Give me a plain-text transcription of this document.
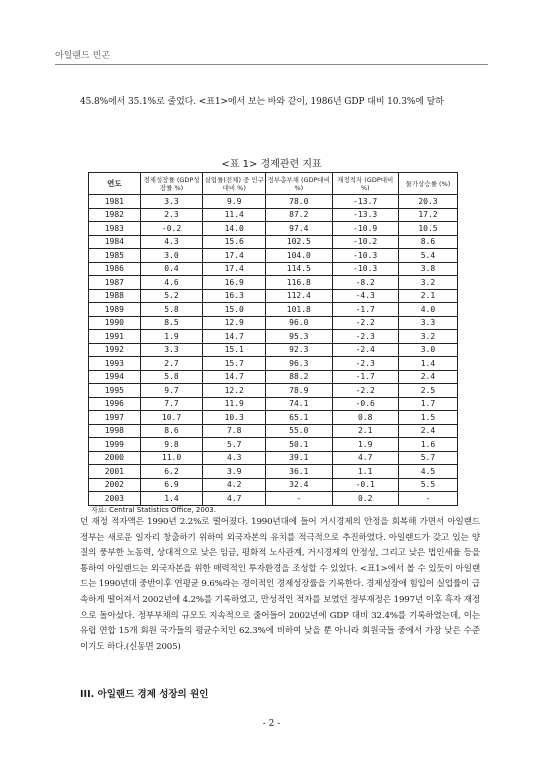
아일랜드 빈곤
45.8%에서 35.1%로 줄었다. <표1>에서 보는 바와 같이, 1986년 GDP 대비 10.3%에 달하
<표 1> 경제관련 지표
연도	경제성장률 (GDP성장률 %)	실업률(전체) 중 인구대비 %)	정부총부채 (GDP대비 %)	재정적자 (GDP대비 %)	물가상승률 (%)
1981	3.3	9.9	78.0	-13.7	20.3
1982	2.3	11.4	87.2	-13.3	17.2
1983	-0.2	14.0	97.4	-10.9	10.5
1984	4.3	15.6	102.5	-10.2	8.6
1985	3.0	17.4	104.0	-10.3	5.4
1986	0.4	17.4	114.5	-10.3	3.8
1987	4.6	16.9	116.8	-8.2	3.2
1988	5.2	16.3	112.4	-4.3	2.1
1989	5.8	15.0	101.8	-1.7	4.0
1990	8.5	12.9	96.0	-2.2	3.3
1991	1.9	14.7	95.3	-2.3	3.2
1992	3.3	15.1	92.3	-2.4	3.0
1993	2.7	15.7	96.3	-2.3	1.4
1994	5.8	14.7	88.2	-1.7	2.4
1995	9.7	12.2	78.9	-2.2	2.5
1996	7.7	11.9	74.1	-0.6	1.7
1997	10.7	10.3	65.1	0.8	1.5
1998	8.6	7.8	55.0	2.1	2.4
1999	9.8	5.7	50.1	1.9	1.6
2000	11.0	4.3	39.1	4.7	5.7
2001	6.2	3.9	36.1	1.1	4.5
2002	6.9	4.2	32.4	-0.1	5.5
2003	1.4	4.7	-	0.2	-
자료: Central Statistics Office, 2003.

던 재정 적자액은 1990년 2.2%로 떨어졌다. 1990년대에 들어 거시경제의 안정을 회복해 가면서 아일랜드 정부는 새로운 일자리 창출하기 위하여 외국자본의 유치를 적극적으로 추진하였다. 아일랜드가 갖고 있는 양질의 풍부한 노동력, 상대적으로 낮은 임금, 평화적 노사관계, 거시경제의 안정성, 그리고 낮은 법인세율 등을 통하여 아일랜드는 외국자본을 위한 매력적인 투자환경을 조성할 수 있었다. <표1>에서 볼 수 있듯이 아일랜드는 1990년대 중반이후 연평균 9.6%라는 경이적인 경제성장률을 기록한다. 경제성장에 힘입어 실업률이 급속하게 떨어져서 2002년에 4.2%를 기록하였고, 만성적인 적자를 보였던 정부재정은 1997년 이후 흑자 재정으로 돌아섰다. 정부부채의 규모도 지속적으로 줄어들어 2002년에 GDP 대비 32.4%를 기록하였는데, 이는 유럽 연합 15개 회원 국가들의 평균수치인 62.3%에 비하여 낮을 뿐 아니라 회원국들 중에서 가장 낮은 수준이기도 하다.(신동면 2005)

III. 아일랜드 경제 성장의 원인
- 2 -
